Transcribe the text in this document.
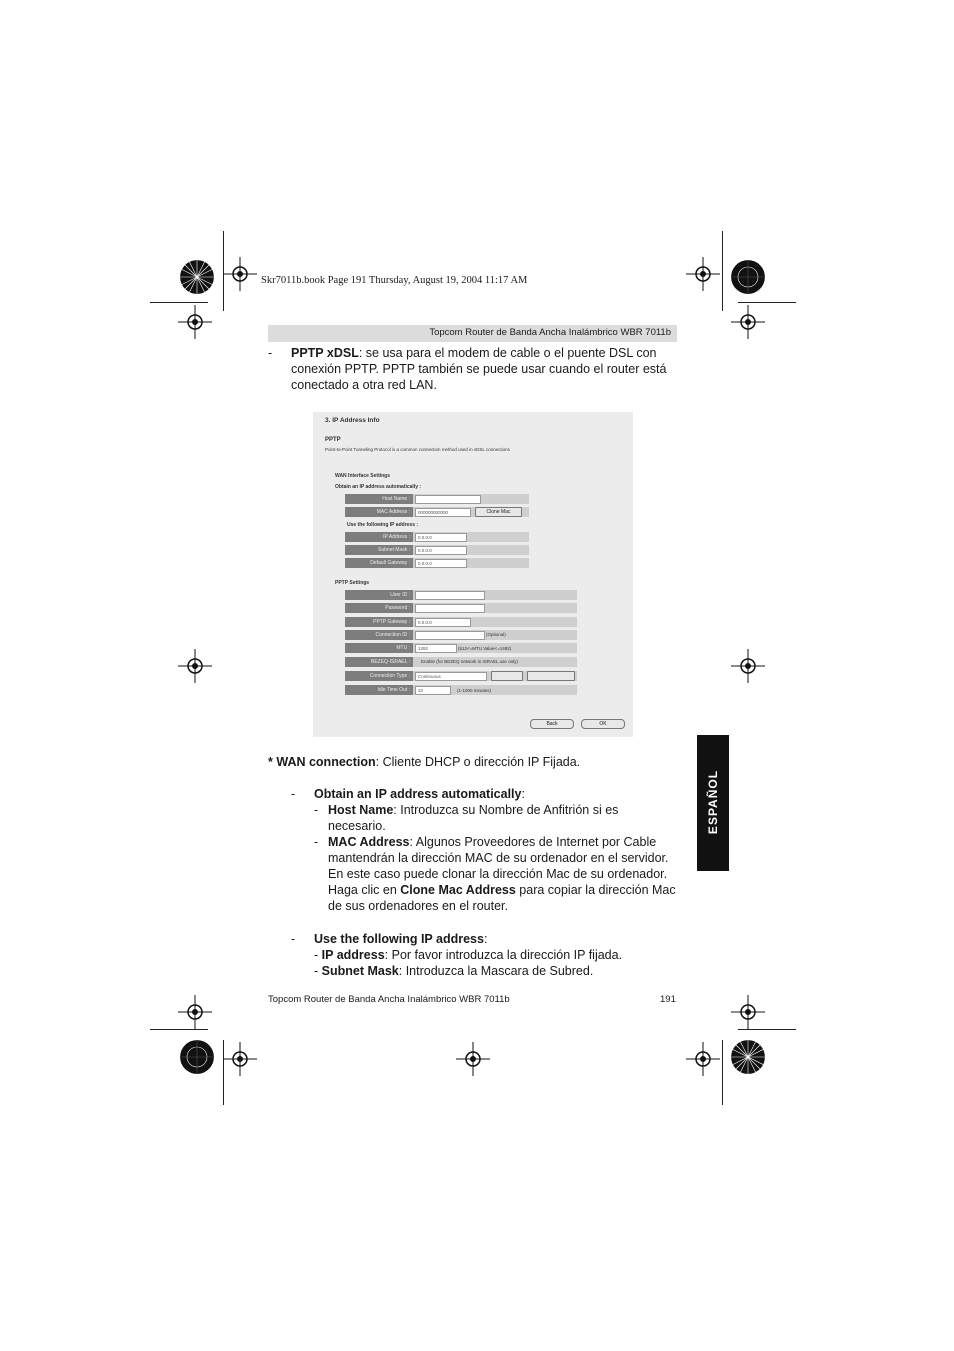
Skr7011b.book Page 191 Thursday, August 19, 2004 11:17 AM
Topcom Router de Banda Ancha Inalámbrico WBR 7011b
- PPTP xDSL: se usa para el modem de cable o el puente DSL con
conexión PPTP. PPTP también se puede usar cuando el router está
conectado a otra red LAN.
3. IP Address Info
PPTP
Point-to-Point Tunneling Protocol is a common connection method used in xDSL connections
WAN Interface Settings
Obtain an IP address automatically :
Host Name :
MAC Address :	000000000000	Clone Mac
Use the following IP address :
IP Address :	0.0.0.0
Subnet Mask :	0.0.0.0
Default Gateway :	0.0.0.0
PPTP Settings
User ID :
Password :
PPTP Gateway :	0.0.0.0
Connection ID :	(Optional)
MTU :	1392	(512<=MTU Value<=1492)
BEZEQ-ISRAEL :	Enable (for BEZEQ network in ISRAEL use only)
Connection Type :	Continuous
Idle Time Out :	10	(1-1000 minutes)
Back	OK
* WAN connection: Cliente DHCP o dirección IP Fijada.
- Obtain an IP address automatically:
- Host Name: Introduzca su Nombre de Anfitrión si es
necesario.
- MAC Address: Algunos Proveedores de Internet por Cable
mantendrán la dirección MAC de su ordenador en el servidor.
En este caso puede clonar la dirección Mac de su ordenador.
Haga clic en Clone Mac Address para copiar la dirección Mac
de sus ordenadores en el router.
- Use the following IP address:
- IP address: Por favor introduzca la dirección IP fijada.
- Subnet Mask: Introduzca la Mascara de Subred.
ESPAÑOL
Topcom Router de Banda Ancha Inalámbrico WBR 7011b	191
